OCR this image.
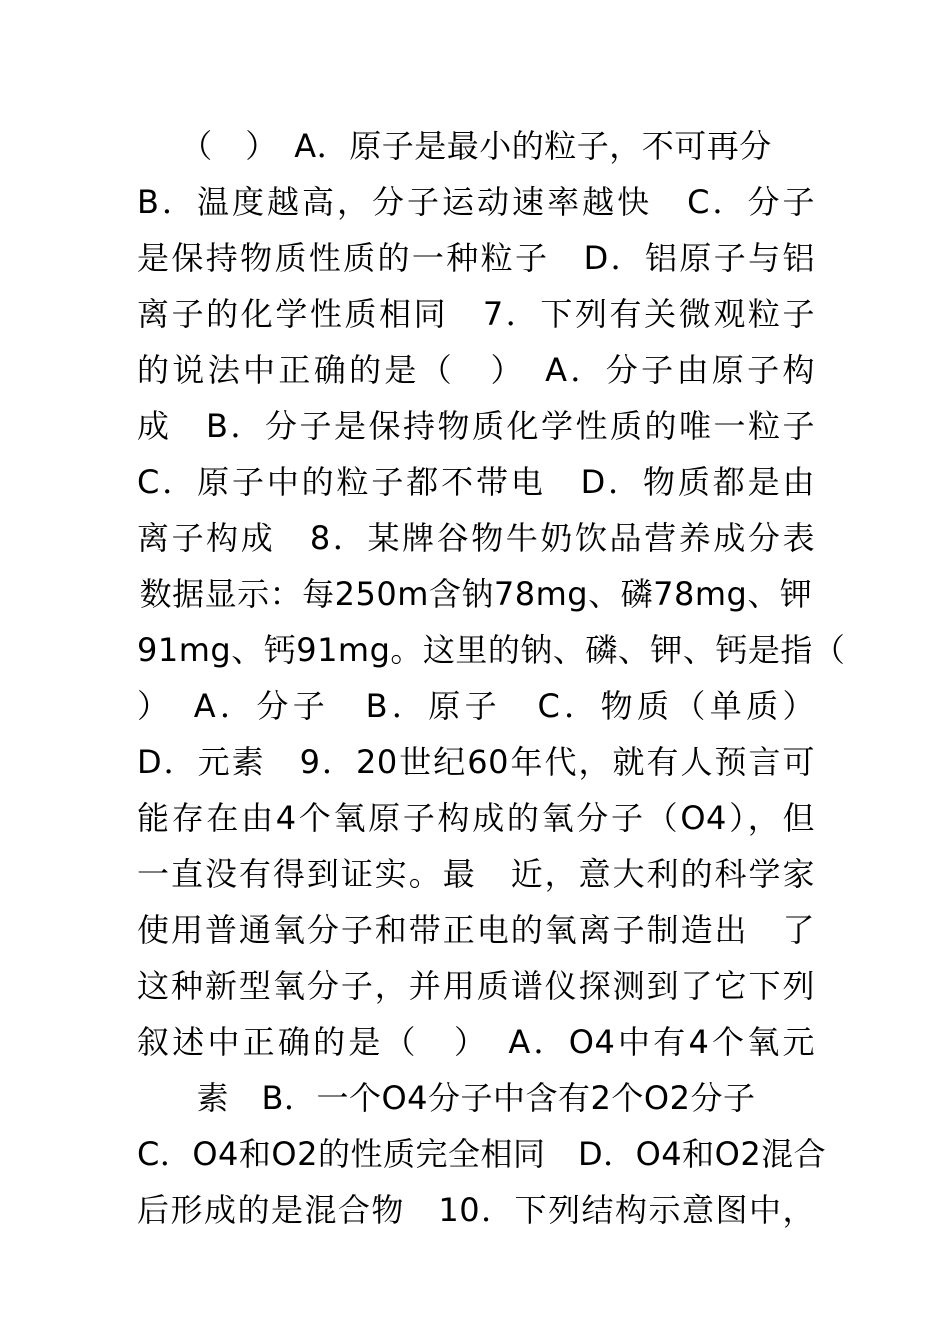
（　）　A．原子是最小的粒子，不可再分
B．温度越高，分子运动速率越快　C．分子
是保持物质性质的一种粒子　D．铝原子与铝
离子的化学性质相同　7．下列有关微观粒子
的说法中正确的是（　）　A．分子由原子构
成　B．分子是保持物质化学性质的唯一粒子
C．原子中的粒子都不带电　D．物质都是由
离子构成　8．某牌谷物牛奶饮品营养成分表
数据显示：每250m含钠78mg、磷78mg、钾
91mg、钙91mg。这里的钠、磷、钾、钙是指（
）　A．分子　B．原子　C．物质（单质）
D．元素　9．20世纪60年代，就有人预言可
能存在由4个氧原子构成的氧分子（O4），但
一直没有得到证实。最　近，意大利的科学家
使用普通氧分子和带正电的氧离子制造出　了
这种新型氧分子，并用质谱仪探测到了它下列
叙述中正确的是（　）　A．O4中有4个氧元
素　B．一个O4分子中含有2个O2分子
C．O4和O2的性质完全相同　D．O4和O2混合
后形成的是混合物　10．下列结构示意图中，
